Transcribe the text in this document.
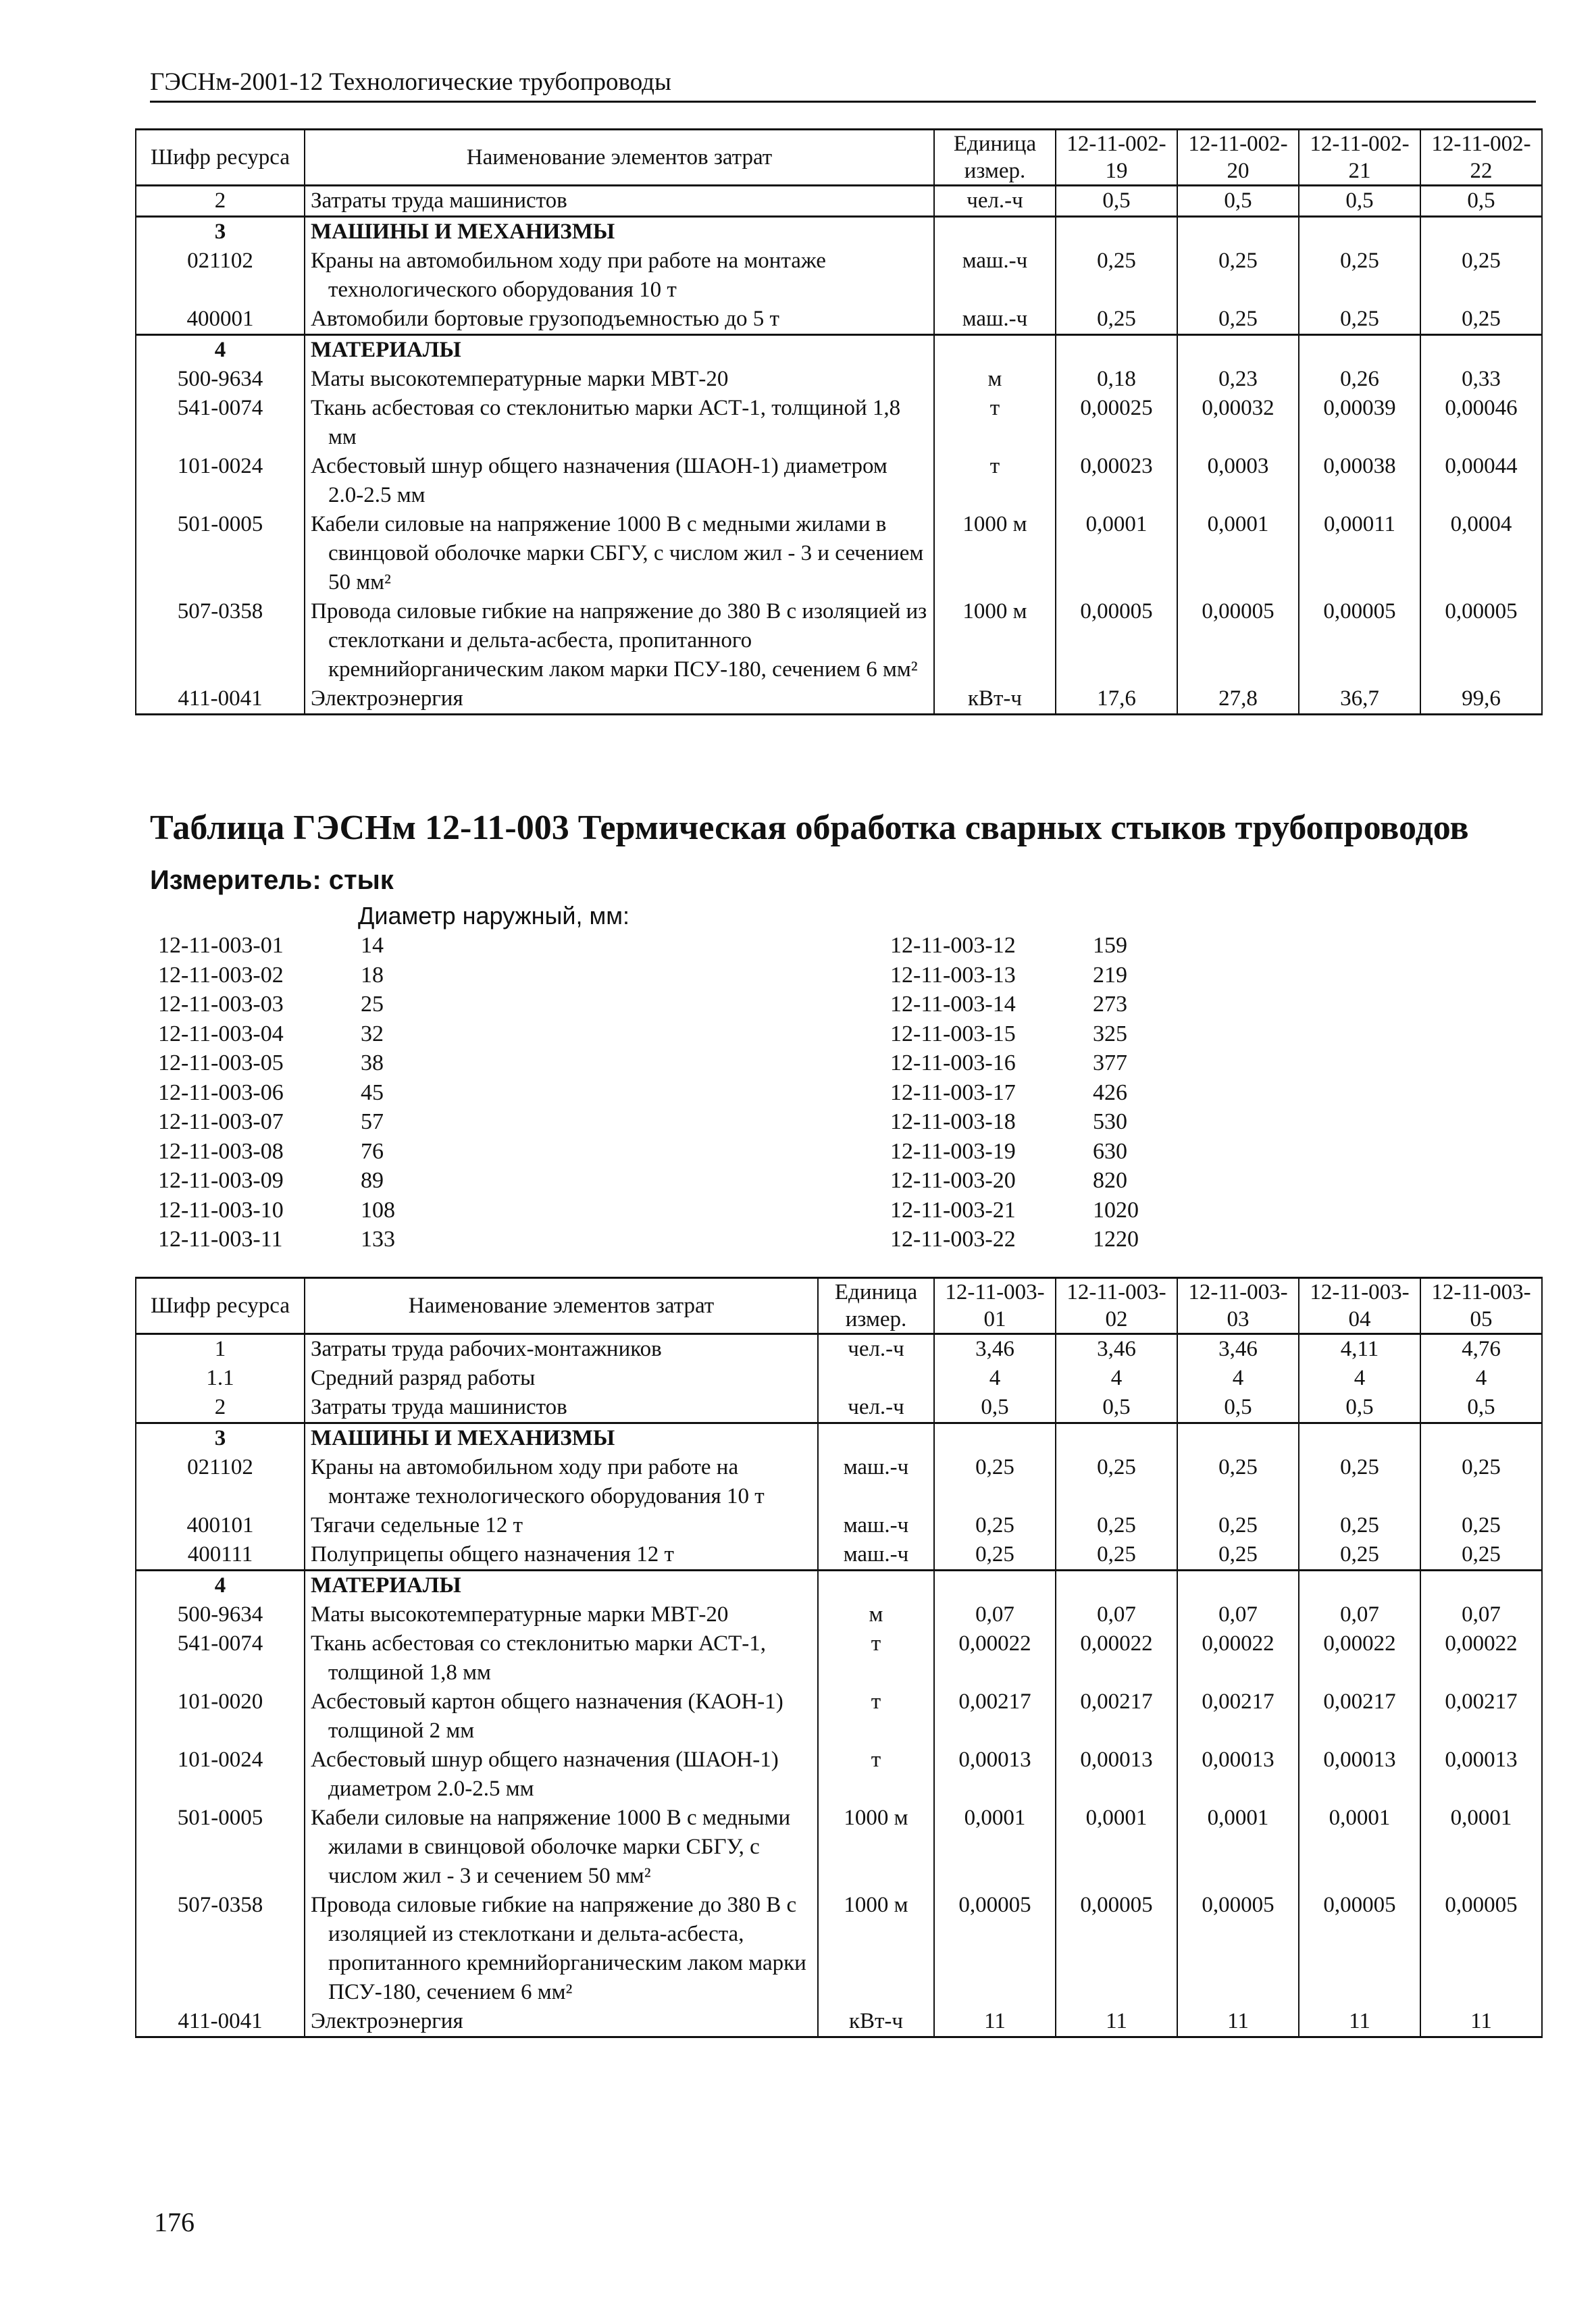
ГЭСНм-2001-12 Технологические трубопроводы
Шифр ресурса	Наименование элементов затрат	Единица измер.	12-11-002-19	12-11-002-20	12-11-002-21	12-11-002-22
2	Затраты труда машинистов	чел.-ч	0,5	0,5	0,5	0,5
3	МАШИНЫ И МЕХАНИЗМЫ					

021102	Краны на автомобильном ходу при работе на монтаже технологического оборудования 10 т	маш.-ч	0,25	0,25	0,25	0,25
400001	Автомобили бортовые грузоподъемностью до 5 т	маш.-ч	0,25	0,25	0,25	0,25
4	МАТЕРИАЛЫ					

500-9634	Маты высокотемпературные марки МВТ-20	м	0,18	0,23	0,26	0,33
541-0074	Ткань асбестовая со стеклонитью марки АСТ-1, толщиной 1,8 мм	т	0,00025	0,00032	0,00039	0,00046
101-0024	Асбестовый шнур общего назначения (ШАОН-1) диаметром 2.0-2.5 мм	т	0,00023	0,0003	0,00038	0,00044
501-0005	Кабели силовые на напряжение 1000 В с медными жилами в свинцовой оболочке марки СБГУ, с числом жил - 3 и сечением 50 мм²	1000 м	0,0001	0,0001	0,00011	0,0004
507-0358	Провода силовые гибкие на напряжение до 380 В с изоляцией из стеклоткани и дельта-асбеста, пропитанного кремнийорганическим лаком марки ПСУ-180, сечением 6 мм²	1000 м	0,00005	0,00005	0,00005	0,00005
411-0041	Электроэнергия	кВт-ч	17,6	27,8	36,7	99,6
Таблица ГЭСНм 12-11-003 Термическая обработка сварных стыков трубопроводов
Измеритель: стык
Диаметр наружный, мм:
12-11-003-01	14
12-11-003-02	18
12-11-003-03	25
12-11-003-04	32
12-11-003-05	38
12-11-003-06	45
12-11-003-07	57
12-11-003-08	76
12-11-003-09	89
12-11-003-10	108
12-11-003-11	133
12-11-003-12	159
12-11-003-13	219
12-11-003-14	273
12-11-003-15	325
12-11-003-16	377
12-11-003-17	426
12-11-003-18	530
12-11-003-19	630
12-11-003-20	820
12-11-003-21	1020
12-11-003-22	1220
Шифр ресурса	Наименование элементов затрат	Единица измер.	12-11-003-01	12-11-003-02	12-11-003-03	12-11-003-04	12-11-003-05
1	Затраты труда рабочих-монтажников	чел.-ч	3,46	3,46	3,46	4,11	4,76
1.1	Средний разряд работы		4	4	4	4	4
2	Затраты труда машинистов	чел.-ч	0,5	0,5	0,5	0,5	0,5
3	МАШИНЫ И МЕХАНИЗМЫ						

021102	Краны на автомобильном ходу при работе на монтаже технологического оборудования 10 т	маш.-ч	0,25	0,25	0,25	0,25	0,25
400101	Тягачи седельные 12 т	маш.-ч	0,25	0,25	0,25	0,25	0,25
400111	Полуприцепы общего назначения 12 т	маш.-ч	0,25	0,25	0,25	0,25	0,25
4	МАТЕРИАЛЫ						

500-9634	Маты высокотемпературные марки МВТ-20	м	0,07	0,07	0,07	0,07	0,07
541-0074	Ткань асбестовая со стеклонитью марки АСТ-1, толщиной 1,8 мм	т	0,00022	0,00022	0,00022	0,00022	0,00022
101-0020	Асбестовый картон общего назначения (КАОН-1) толщиной 2 мм	т	0,00217	0,00217	0,00217	0,00217	0,00217
101-0024	Асбестовый шнур общего назначения (ШАОН-1) диаметром 2.0-2.5 мм	т	0,00013	0,00013	0,00013	0,00013	0,00013
501-0005	Кабели силовые на напряжение 1000 В с медными жилами в свинцовой оболочке марки СБГУ, с числом жил - 3 и сечением 50 мм²	1000 м	0,0001	0,0001	0,0001	0,0001	0,0001
507-0358	Провода силовые гибкие на напряжение до 380 В с изоляцией из стеклоткани и дельта-асбеста, пропитанного кремнийорганическим лаком марки ПСУ-180, сечением 6 мм²	1000 м	0,00005	0,00005	0,00005	0,00005	0,00005
411-0041	Электроэнергия	кВт-ч	11	11	11	11	11
176
